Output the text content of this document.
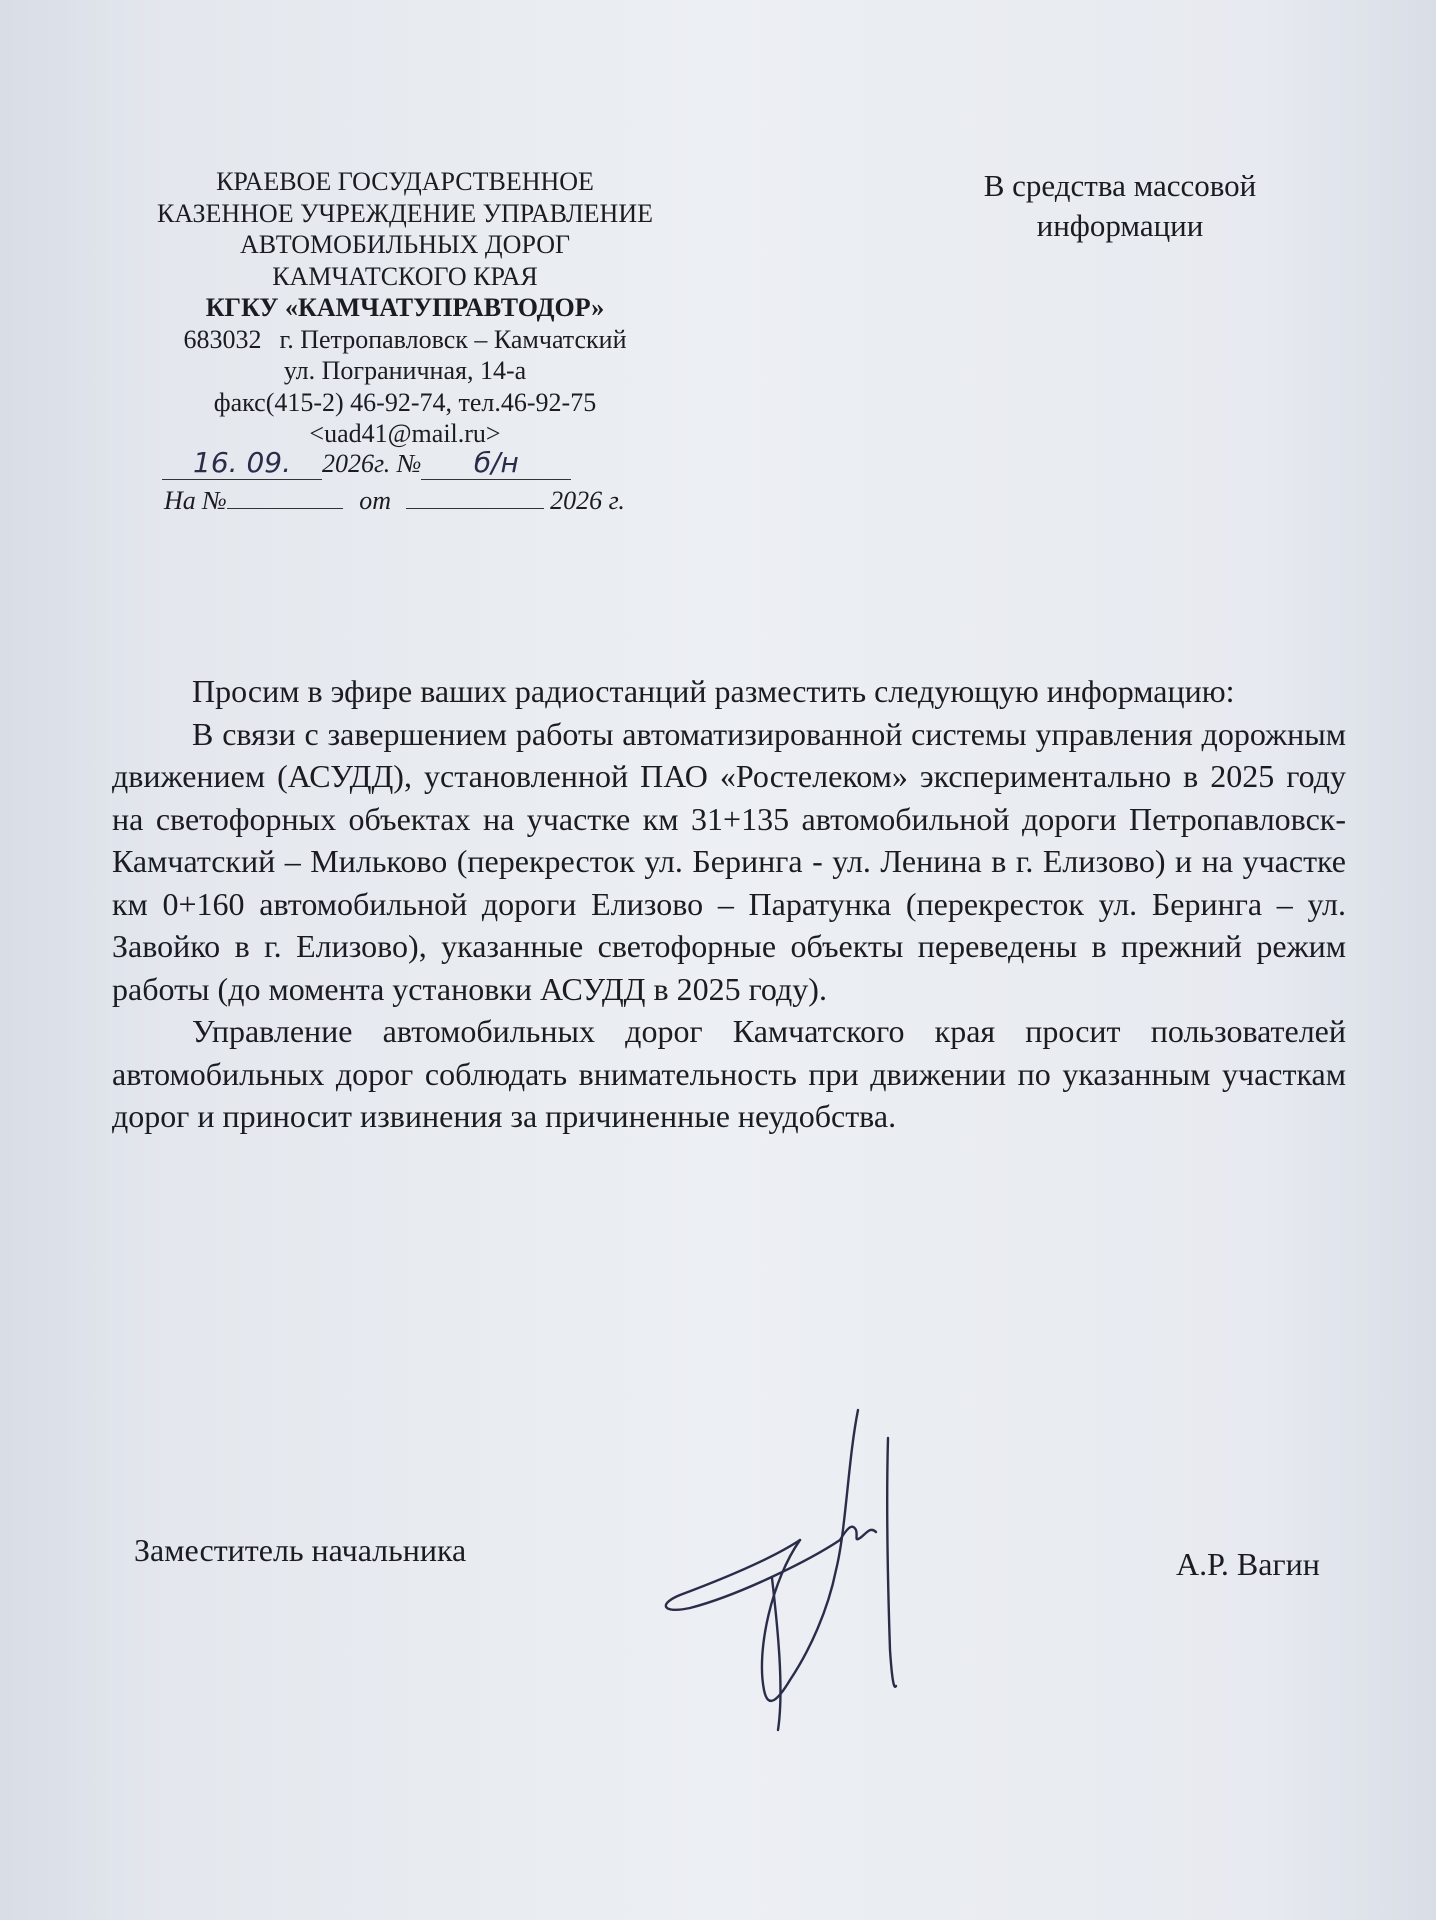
КРАЕВОЕ ГОСУДАРСТВЕННОЕ
КАЗЕННОЕ УЧРЕЖДЕНИЕ УПРАВЛЕНИЕ
АВТОМОБИЛЬНЫХ ДОРОГ
КАМЧАТСКОГО КРАЯ
КГКУ «КАМЧАТУПРАВТОДОР»
683032 г. Петропавловск – Камчатский
ул. Пограничная, 14-а
факс(415-2) 46-92-74, тел.46-92-75
<uad41@mail.ru>
16. 09. 2026г. № б/н
На №	от	2026 г.
В средства массовой
информации

Просим в эфире ваших радиостанций разместить следующую информацию:

В связи с завершением работы автоматизированной системы управления дорожным движением (АСУДД), установленной ПАО «Ростелеком» экспериментально в 2025 году на светофорных объектах на участке км 31+135 автомобильной дороги Петропавловск-Камчатский – Мильково (перекресток ул. Беринга - ул. Ленина в г. Елизово) и на участке км 0+160 автомобильной дороги Елизово – Паратунка (перекресток ул. Беринга – ул. Завойко в г. Елизово), указанные светофорные объекты переведены в прежний режим работы (до момента установки АСУДД в 2025 году).

Управление автомобильных дорог Камчатского края просит пользователей автомобильных дорог соблюдать внимательность при движении по указанным участкам дорог и приносит извинения за причиненные неудобства.

Заместитель начальника	А.Р. Вагин
